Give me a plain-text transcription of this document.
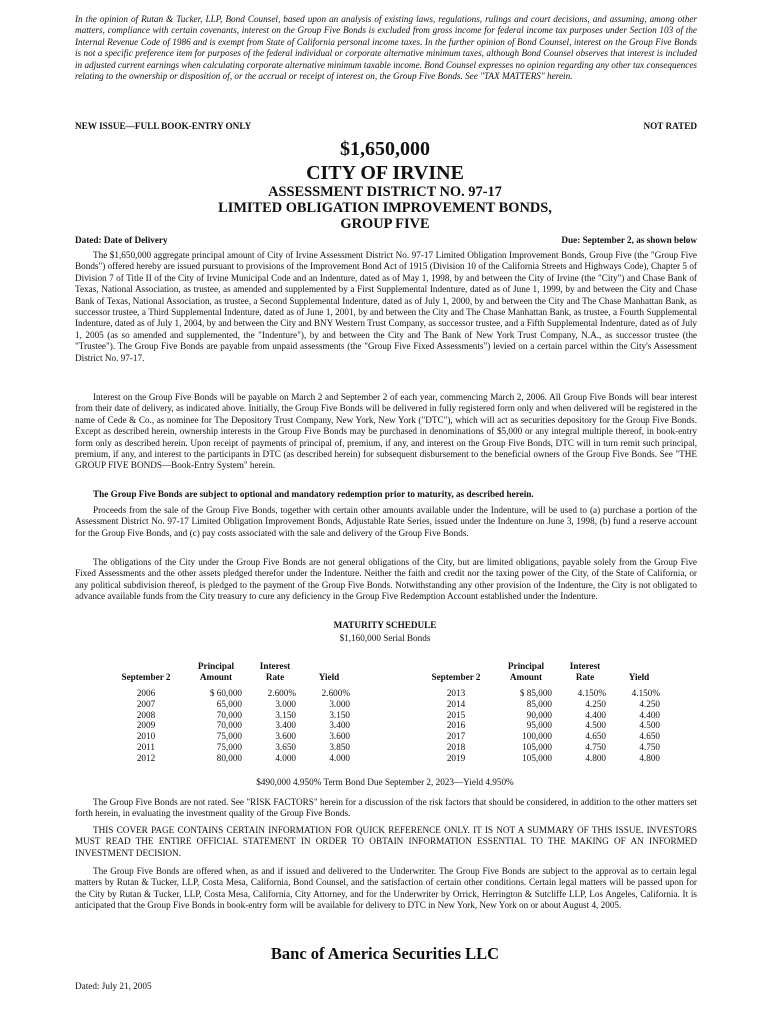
In the opinion of Rutan & Tucker, LLP, Bond Counsel, based upon an analysis of existing laws, regulations, rulings and court decisions, and assuming, among other matters, compliance with certain covenants, interest on the Group Five Bonds is excluded from gross income for federal income tax purposes under Section 103 of the Internal Revenue Code of 1986 and is exempt from State of California personal income taxes. In the further opinion of Bond Counsel, interest on the Group Five Bonds is not a specific preference item for purposes of the federal individual or corporate alternative minimum taxes, although Bond Counsel observes that interest is included in adjusted current earnings when calculating corporate alternative minimum taxable income. Bond Counsel expresses no opinion regarding any other tax consequences relating to the ownership or disposition of, or the accrual or receipt of interest on, the Group Five Bonds. See "TAX MATTERS" herein.

NEW ISSUE—FULL BOOK-ENTRY ONLY	NOT RATED
$1,650,000
CITY OF IRVINE
ASSESSMENT DISTRICT NO. 97-17
LIMITED OBLIGATION IMPROVEMENT BONDS,
GROUP FIVE
Dated: Date of Delivery	Due: September 2, as shown below

The $1,650,000 aggregate principal amount of City of Irvine Assessment District No. 97-17 Limited Obligation Improvement Bonds, Group Five (the "Group Five Bonds") offered hereby are issued pursuant to provisions of the Improvement Bond Act of 1915 (Division 10 of the California Streets and Highways Code), Chapter 5 of Division 7 of Title II of the City of Irvine Municipal Code and an Indenture, dated as of May 1, 1998, by and between the City of Irvine (the "City") and Chase Bank of Texas, National Association, as trustee, as amended and supplemented by a First Supplemental Indenture, dated as of June 1, 1999, by and between the City and Chase Bank of Texas, National Association, as trustee, a Second Supplemental Indenture, dated as of July 1, 2000, by and between the City and The Chase Manhattan Bank, as successor trustee, a Third Supplemental Indenture, dated as of June 1, 2001, by and between the City and The Chase Manhattan Bank, as trustee, a Fourth Supplemental Indenture, dated as of July 1, 2004, by and between the City and BNY Western Trust Company, as successor trustee, and a Fifth Supplemental Indenture, dated as of July 1, 2005 (as so amended and supplemented, the "Indenture"), by and between the City and The Bank of New York Trust Company, N.A., as successor trustee (the "Trustee"). The Group Five Bonds are payable from unpaid assessments (the "Group Five Fixed Assessments") levied on a certain parcel within the City's Assessment District No. 97-17.

Interest on the Group Five Bonds will be payable on March 2 and September 2 of each year, commencing March 2, 2006. All Group Five Bonds will bear interest from their date of delivery, as indicated above. Initially, the Group Five Bonds will be delivered in fully registered form only and when delivered will be registered in the name of Cede & Co., as nominee for The Depository Trust Company, New York, New York ("DTC"), which will act as securities depository for the Group Five Bonds. Except as described herein, ownership interests in the Group Five Bonds may be purchased in denominations of $5,000 or any integral multiple thereof, in book-entry form only as described herein. Upon receipt of payments of principal of, premium, if any, and interest on the Group Five Bonds, DTC will in turn remit such principal, premium, if any, and interest to the participants in DTC (as described herein) for subsequent disbursement to the beneficial owners of the Group Five Bonds. See "THE GROUP FIVE BONDS—Book-Entry System" herein.

The Group Five Bonds are subject to optional and mandatory redemption prior to maturity, as described herein.

Proceeds from the sale of the Group Five Bonds, together with certain other amounts available under the Indenture, will be used to (a) purchase a portion of the Assessment District No. 97-17 Limited Obligation Improvement Bonds, Adjustable Rate Series, issued under the Indenture on June 3, 1998, (b) fund a reserve account for the Group Five Bonds, and (c) pay costs associated with the sale and delivery of the Group Five Bonds.

The obligations of the City under the Group Five Bonds are not general obligations of the City, but are limited obligations, payable solely from the Group Five Fixed Assessments and the other assets pledged therefor under the Indenture. Neither the faith and credit nor the taxing power of the City, of the State of California, or any political subdivision thereof, is pledged to the payment of the Group Five Bonds. Notwithstanding any other provision of the Indenture, the City is not obligated to advance available funds from the City treasury to cure any deficiency in the Group Five Redemption Account established under the Indenture.

MATURITY SCHEDULE
$1,160,000 Serial Bonds
September 2	Principal Amount	Interest Rate	Yield

2006	$ 60,000	2.600%	2.600%
2007	65,000	3.000	3.000
2008	70,000	3.150	3.150
2009	70,000	3.400	3.400
2010	75,000	3.600	3.600
2011	75,000	3.650	3.850
2012	80,000	4.000	4.000
September 2	Principal Amount	Interest Rate	Yield

2013	$ 85,000	4.150%	4.150%
2014	85,000	4.250	4.250
2015	90,000	4.400	4.400
2016	95,000	4.500	4.500
2017	100,000	4.650	4.650
2018	105,000	4.750	4.750
2019	105,000	4.800	4.800
$490,000 4.950% Term Bond Due September 2, 2023—Yield 4.950%

The Group Five Bonds are not rated. See "RISK FACTORS" herein for a discussion of the risk factors that should be considered, in addition to the other matters set forth herein, in evaluating the investment quality of the Group Five Bonds.

THIS COVER PAGE CONTAINS CERTAIN INFORMATION FOR QUICK REFERENCE ONLY. IT IS NOT A SUMMARY OF THIS ISSUE. INVESTORS MUST READ THE ENTIRE OFFICIAL STATEMENT IN ORDER TO OBTAIN INFORMATION ESSENTIAL TO THE MAKING OF AN INFORMED INVESTMENT DECISION.

The Group Five Bonds are offered when, as and if issued and delivered to the Underwriter. The Group Five Bonds are subject to the approval as to certain legal matters by Rutan & Tucker, LLP, Costa Mesa, California, Bond Counsel, and the satisfaction of certain other conditions. Certain legal matters will be passed upon for the City by Rutan & Tucker, LLP, Costa Mesa, California, City Attorney, and for the Underwriter by Orrick, Herrington & Sutcliffe LLP, Los Angeles, California. It is anticipated that the Group Five Bonds in book-entry form will be available for delivery to DTC in New York, New York on or about August 4, 2005.

Banc of America Securities LLC
Dated: July 21, 2005
